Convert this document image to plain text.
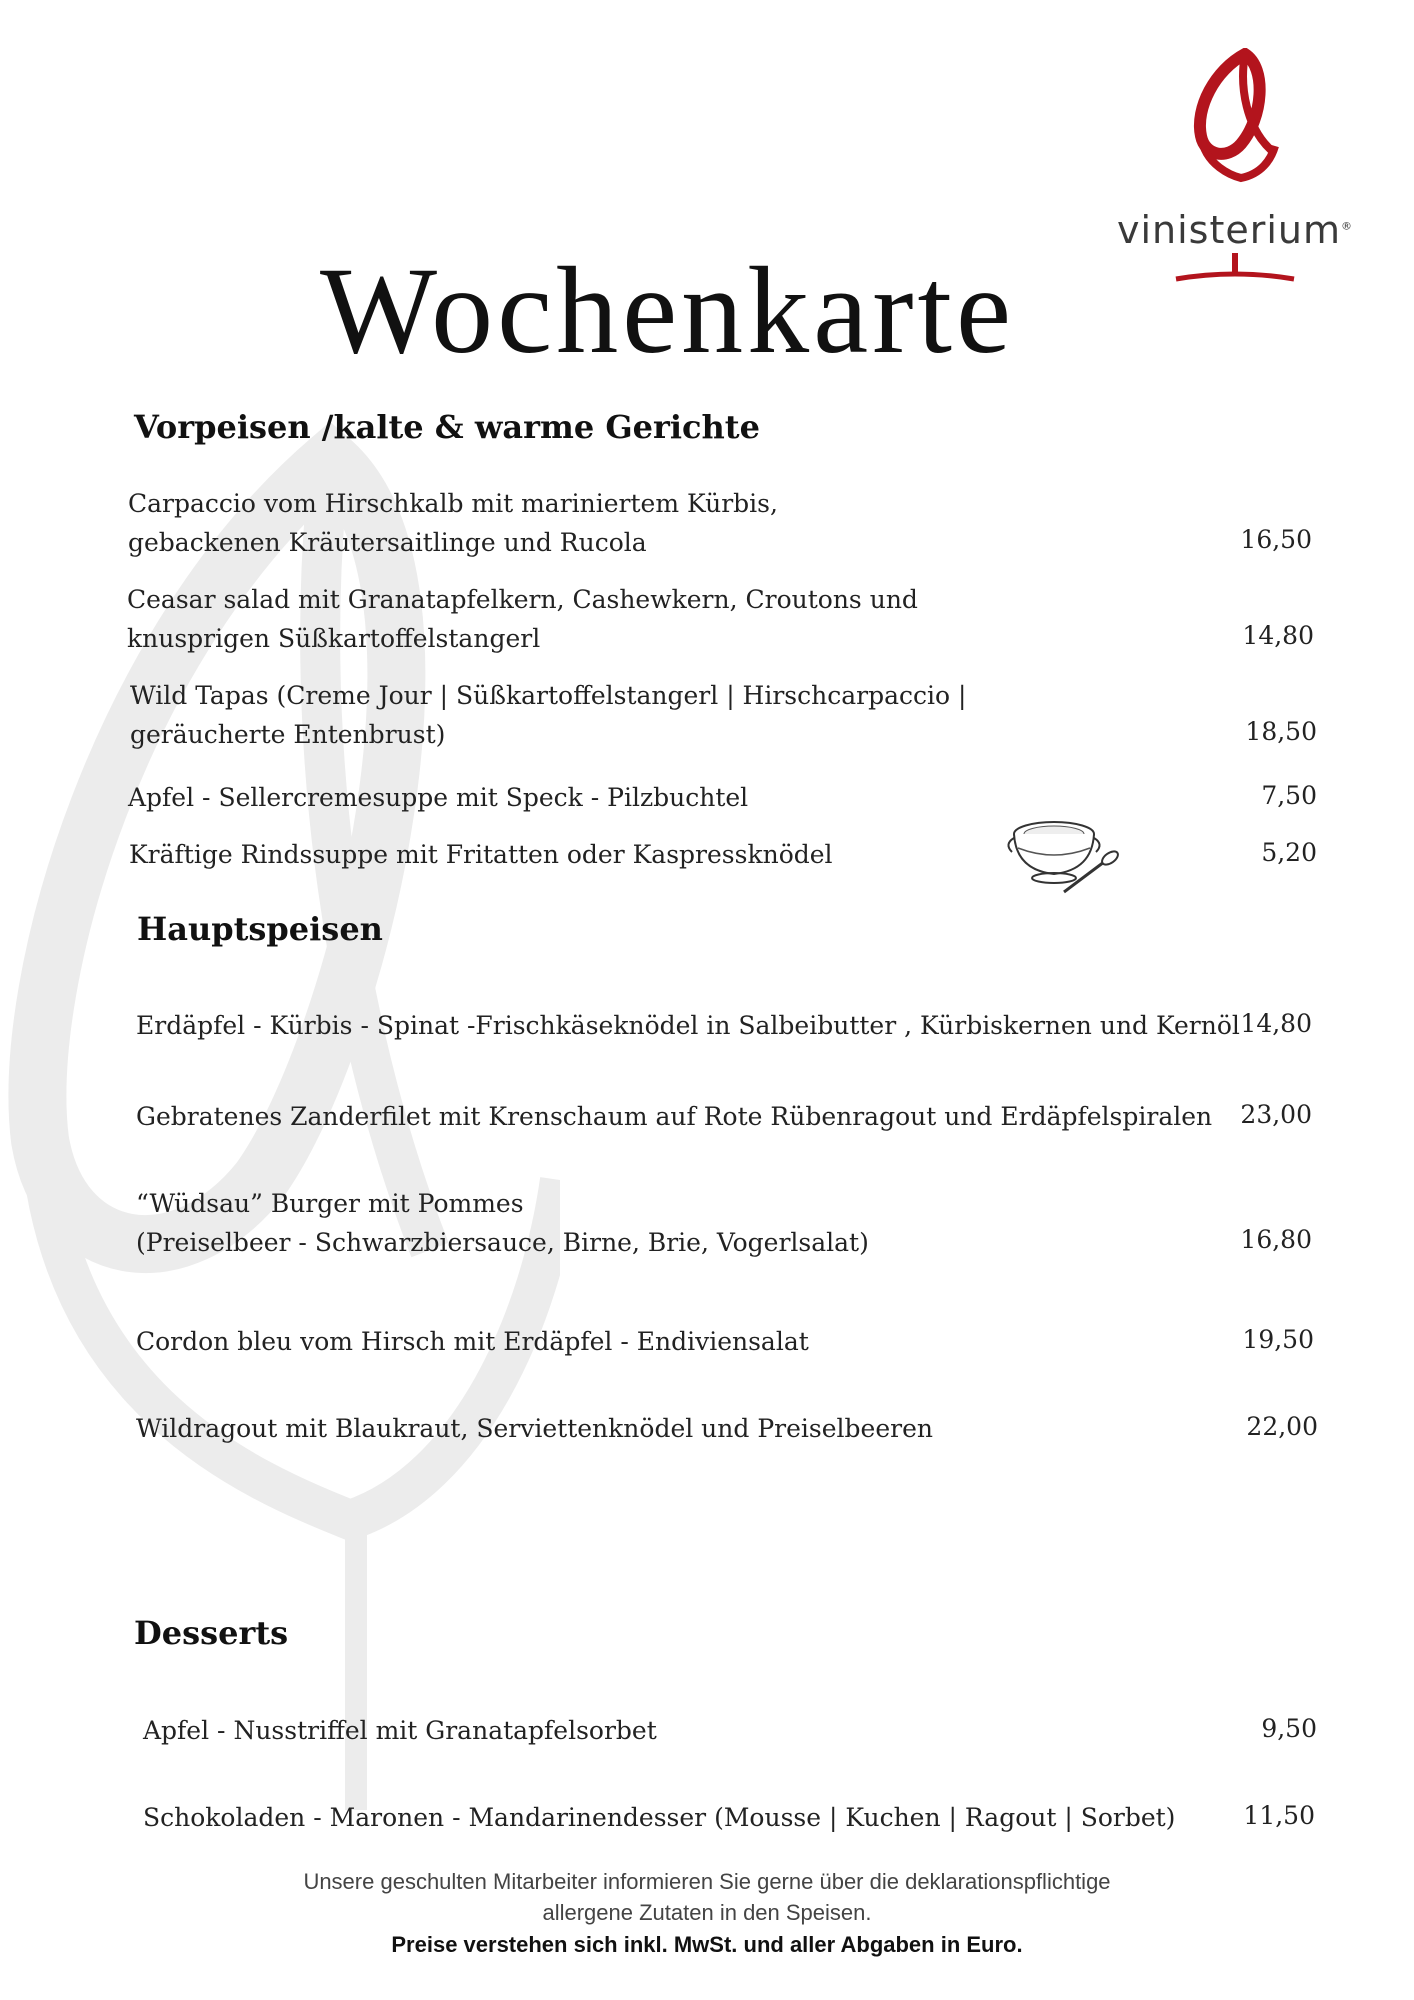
vinisterium®
Wochenkarte
Vorpeisen /kalte & warme Gerichte
Carpaccio vom Hirschkalb mit mariniertem Kürbis,
gebackenen Kräutersaitlinge und Rucola	16,50
Ceasar salad mit Granatapfelkern, Cashewkern, Croutons und
knusprigen Süßkartoffelstangerl	14,80
Wild Tapas (Creme Jour | Süßkartoffelstangerl | Hirschcarpaccio |
geräucherte Entenbrust)	18,50
Apfel - Sellercremesuppe mit Speck - Pilzbuchtel	7,50
Kräftige Rindssuppe mit Fritatten oder Kaspressknödel	5,20
Hauptspeisen
Erdäpfel - Kürbis - Spinat -Frischkäseknödel in Salbeibutter , Kürbiskernen und Kernöl 14,80
Gebratenes Zanderfilet mit Krenschaum auf Rote Rübenragout und Erdäpfelspiralen	23,00
“Wüdsau” Burger mit Pommes
(Preiselbeer - Schwarzbiersauce, Birne, Brie, Vogerlsalat)	16,80
Cordon bleu vom Hirsch mit Erdäpfel - Endiviensalat	19,50
Wildragout mit Blaukraut, Serviettenknödel und Preiselbeeren	22,00
Desserts
Apfel - Nusstriffel mit Granatapfelsorbet	9,50
Schokoladen - Maronen - Mandarinendesser (Mousse | Kuchen | Ragout | Sorbet)	11,50
Unsere geschulten Mitarbeiter informieren Sie gerne über die deklarationspflichtige
allergene Zutaten in den Speisen.
Preise verstehen sich inkl. MwSt. und aller Abgaben in Euro.
